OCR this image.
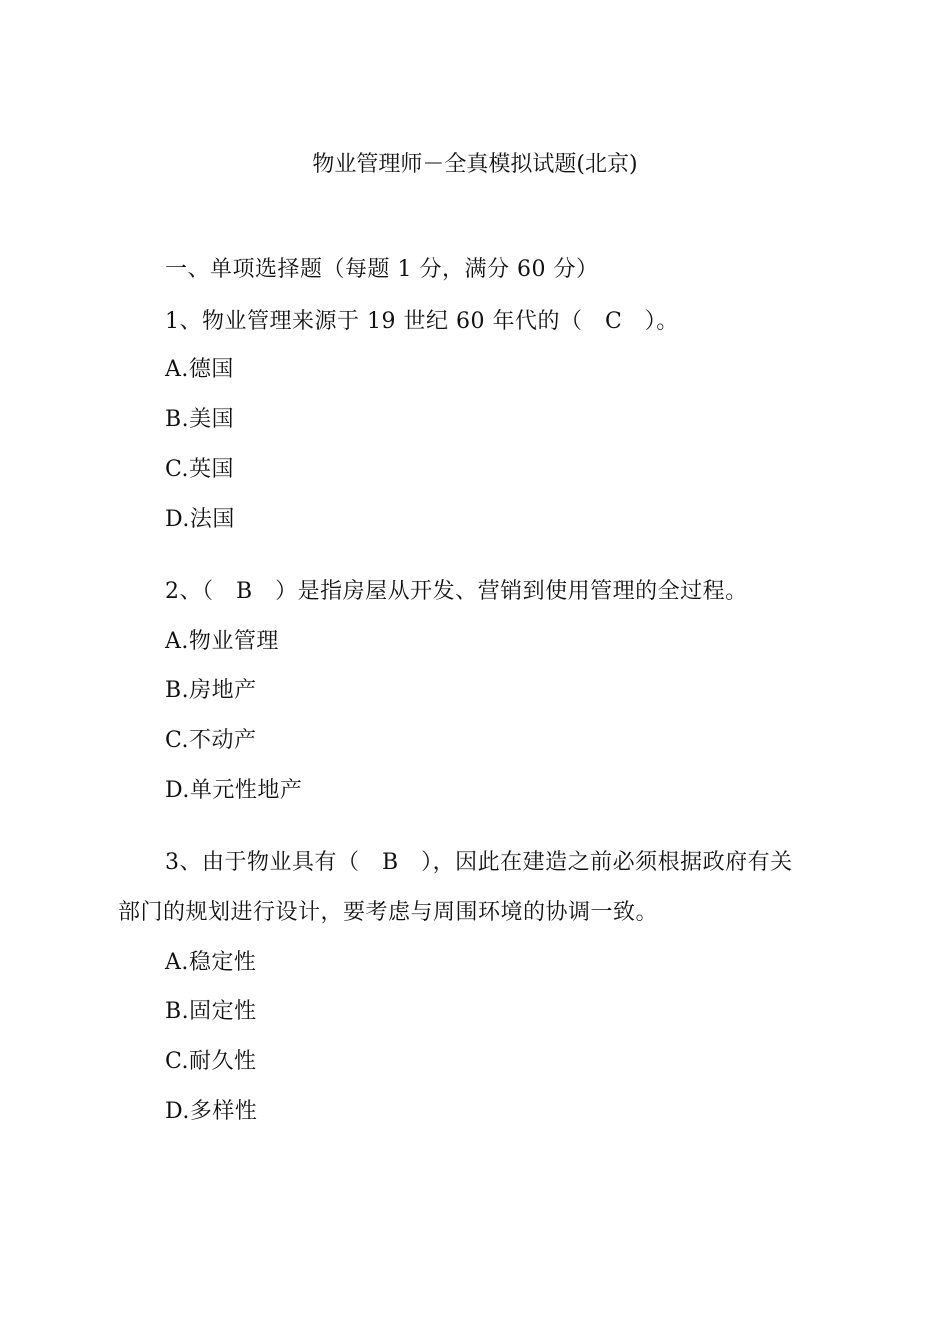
物业管理师－全真模拟试题(北京)
一、单项选择题（每题 1 分，满分 60 分）
1、物业管理来源于 19 世纪 60 年代的（　C　）。
A.德国
B.美国
C.英国
D.法国
2、（　B　）是指房屋从开发、营销到使用管理的全过程。
A.物业管理
B.房地产
C.不动产
D.单元性地产
3、由于物业具有（　B　），因此在建造之前必须根据政府有关
部门的规划进行设计，要考虑与周围环境的协调一致。
A.稳定性
B.固定性
C.耐久性
D.多样性
